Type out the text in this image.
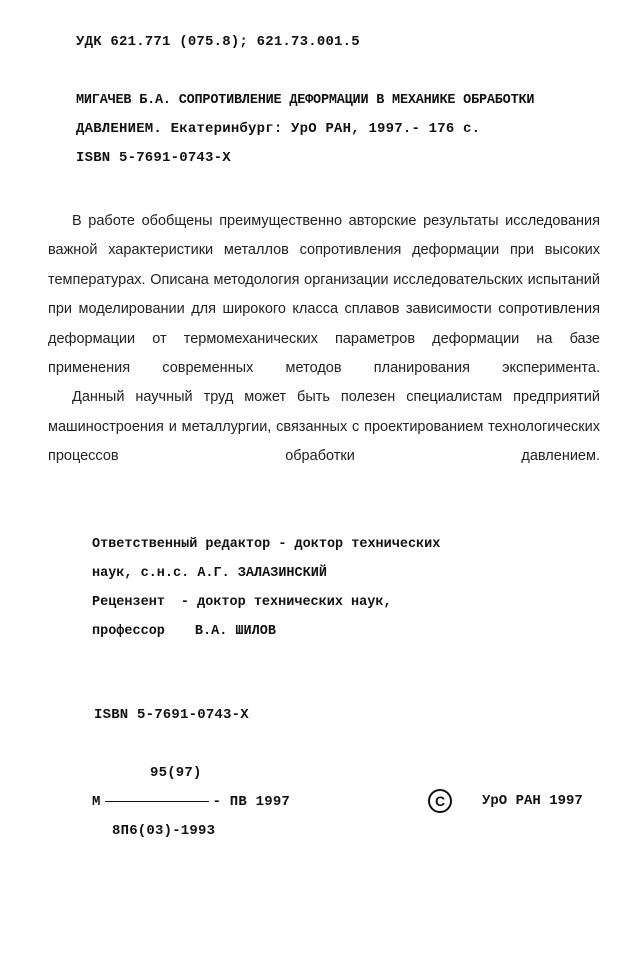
УДК 621.771 (075.8); 621.73.001.5
МИГАЧЕВ Б.А. СОПРОТИВЛЕНИЕ ДЕФОРМАЦИИ В МЕХАНИКЕ ОБРАБОТКИ
ДАВЛЕНИЕМ. Екатеринбург: УрО РАН, 1997.- 176 с.
ISBN 5-7691-0743-X

В работе обобщены преимущественно авторские результаты исследования важной характеристики металлов сопротивления деформации при высоких температурах. Описана методология организации исследовательских испытаний при моделировании для широкого класса сплавов зависимости сопротивления деформации от термомеханических параметров деформации на базе применения современных методов планирования эксперимента.

Данный научный труд может быть полезен специалистам предприятий машиностроения и металлургии, связанных с проектированием технологических процессов обработки давлением.

Ответственный редактор - доктор технических
наук, с.н.с. А.Г. ЗАЛАЗИНСКИЙ
Рецензент - доктор технических наук,
профессор В.А. ШИЛОВ
ISBN 5-7691-0743-X
95(97)
М	- ПВ 1997
8П6(03)-1993
C	УрО РАН 1997
